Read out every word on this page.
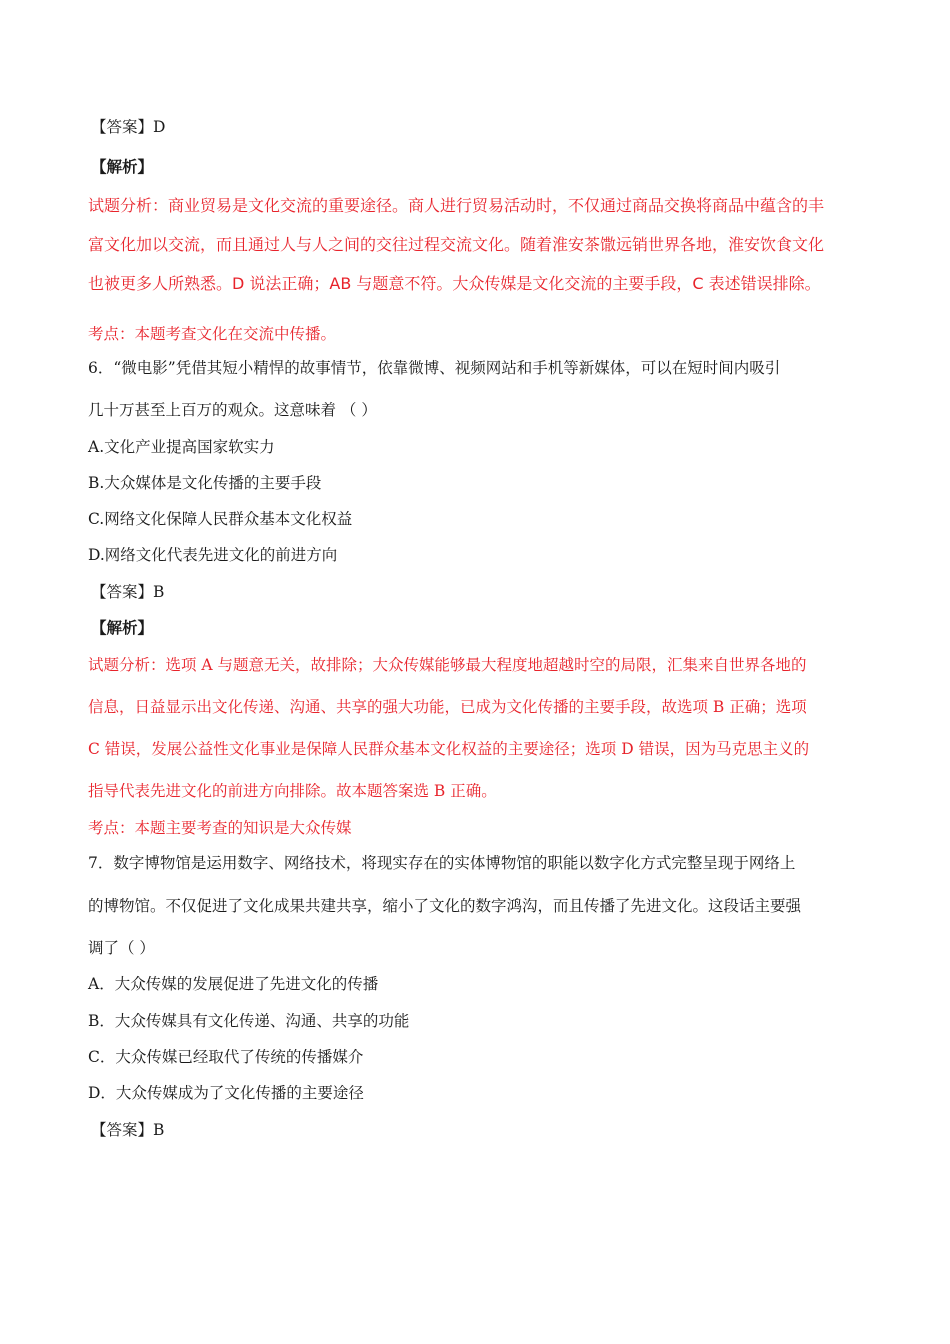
【答案】D
【解析】
试题分析：商业贸易是文化交流的重要途径。商人进行贸易活动时，不仅通过商品交换将商品中蕴含的丰
富文化加以交流，而且通过人与人之间的交往过程交流文化。随着淮安茶馓远销世界各地，淮安饮食文化
也被更多人所熟悉。D 说法正确；AB 与题意不符。大众传媒是文化交流的主要手段，C 表述错误排除。
考点：本题考查文化在交流中传播。
6．“微电影”凭借其短小精悍的故事情节，依靠微博、视频网站和手机等新媒体，可以在短时间内吸引
几十万甚至上百万的观众。这意味着 （ ）
A.文化产业提高国家软实力
B.大众媒体是文化传播的主要手段
C.网络文化保障人民群众基本文化权益
D.网络文化代表先进文化的前进方向
【答案】B
【解析】
试题分析：选项 A 与题意无关，故排除；大众传媒能够最大程度地超越时空的局限，汇集来自世界各地的
信息，日益显示出文化传递、沟通、共享的强大功能，已成为文化传播的主要手段，故选项 B 正确；选项
C 错误，发展公益性文化事业是保障人民群众基本文化权益的主要途径；选项 D 错误，因为马克思主义的
指导代表先进文化的前进方向排除。故本题答案选 B 正确。
考点：本题主要考查的知识是大众传媒
7．数字博物馆是运用数字、网络技术，将现实存在的实体博物馆的职能以数字化方式完整呈现于网络上
的博物馆。不仅促进了文化成果共建共享，缩小了文化的数字鸿沟，而且传播了先进文化。这段话主要强
调了（ ）
A．大众传媒的发展促进了先进文化的传播
B．大众传媒具有文化传递、沟通、共享的功能
C．大众传媒已经取代了传统的传播媒介
D．大众传媒成为了文化传播的主要途径
【答案】B
